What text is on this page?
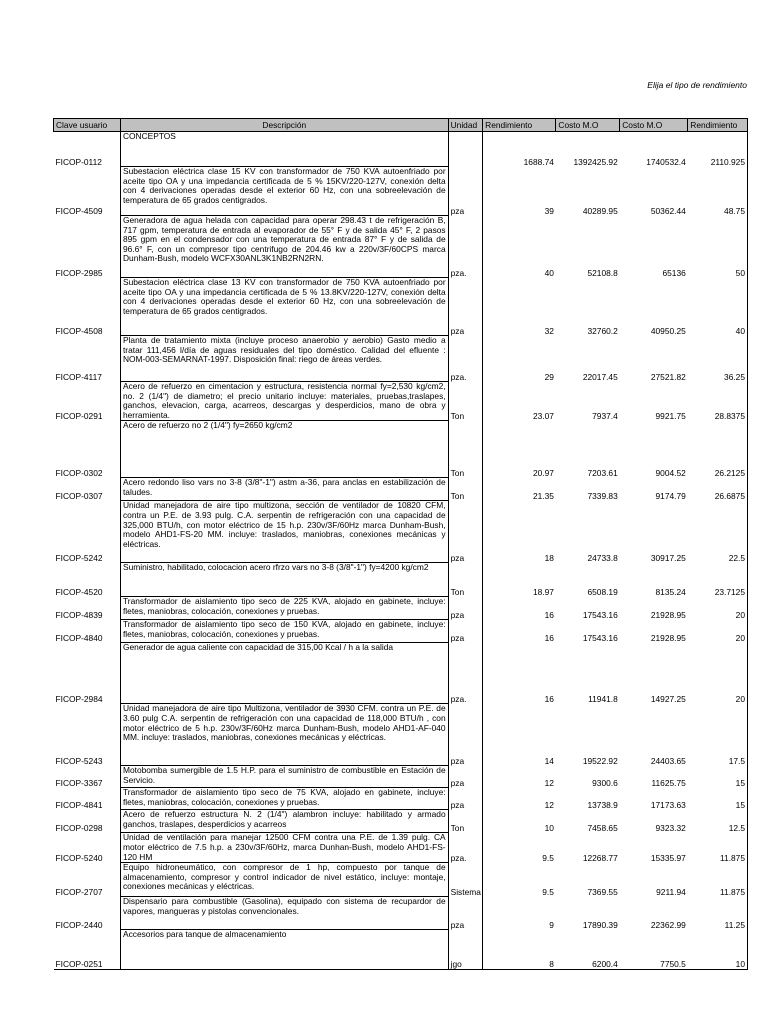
Elija el tipo de rendimiento
Clave usuario	Descripción	Unidad	Rendimiento	Costo M.O	Costo M.O	Rendimiento
FICOP-0112	CONCEPTOS		1688.74	1392425.92	1740532.4	2110.925
FICOP-4509	Subestacion eléctrica clase 15 KV con transformador de 750 KVA autoenfriado por aceite tipo OA y una impedancia certificada de 5 % 15KV/220-127V, conexión delta con 4 derivaciones operadas desde el exterior 60 Hz, con una sobreelevación de temperatura de 65 grados centigrados.	pza	39	40289.95	50362.44	48.75
FICOP-2985	Generadora de agua helada con capacidad para operar 298.43 t de refrigeración B, 717 gpm, temperatura de entrada al evaporador de 55° F y de salida 45° F, 2 pasos 895 gpm en el condensador con una temperatura de entrada 87° F y de salida de 96.6° F, con un compresor tipo centrifugo de 204.46 kw a 220v/3F/60CPS marca Dunham-Bush, modelo WCFX30ANL3K1NB2RN2RN.	pza.	40	52108.8	65136	50
FICOP-4508	Subestacion eléctrica clase 13 KV con transformador de 750 KVA autoenfriado por aceite tipo OA y una impedancia certificada de 5 % 13.8KV/220-127V, conexión delta con 4 derivaciones operadas desde el exterior 60 Hz, con una sobreelevación de temperatura de 65 grados centigrados.	pza	32	32760.2	40950.25	40
FICOP-4117	Planta de tratamiento mixta (incluye proceso anaerobio y aerobio) Gasto medio a tratar 111,456 l/día de aguas residuales del tipo doméstico. Calidad del efluente : NOM-003-SEMARNAT-1997. Disposición final: riego de áreas verdes.	pza.	29	22017.45	27521.82	36.25
FICOP-0291	Acero de refuerzo en cimentacion y estructura, resistencia normal fy=2,530 kg/cm2, no. 2 (1/4") de diametro; el precio unitario incluye: materiales, pruebas,traslapes, ganchos, elevacion, carga, acarreos, descargas y desperdicios, mano de obra y herramienta.	Ton	23.07	7937.4	9921.75	28.8375
FICOP-0302	Acero de refuerzo no 2 (1/4") fy=2650 kg/cm2	Ton	20.97	7203.61	9004.52	26.2125
FICOP-0307	Acero redondo liso vars no 3-8 (3/8"-1") astm a-36, para anclas en estabilización de taludes.	Ton	21.35	7339.83	9174.79	26.6875
FICOP-5242	Unidad manejadora de aire tipo multizona, sección de ventilador de 10820 CFM, contra un P.E. de 3.93 pulg. C.A. serpentin de refrigeración con una capacidad de 325,000 BTU/h, con motor eléctrico de 15 h.p. 230v/3F/60Hz marca Dunham-Bush, modelo AHD1-FS-20 MM. incluye: traslados, maniobras, conexiones mecánicas y eléctricas.	pza	18	24733.8	30917.25	22.5
FICOP-4520	Suministro, habilitado, colocacion acero rfrzo vars no 3-8 (3/8"-1") fy=4200 kg/cm2	Ton	18.97	6508.19	8135.24	23.7125
FICOP-4839	Transformador de aislamiento tipo seco de 225 KVA, alojado en gabinete, incluye: fletes, maniobras, colocación, conexiones y pruebas.	pza	16	17543.16	21928.95	20
FICOP-4840	Transformador de aislamiento tipo seco de 150 KVA, alojado en gabinete, incluye: fletes, maniobras, colocación, conexiones y pruebas.	pza	16	17543.16	21928.95	20
FICOP-2984	Generador de agua caliente con capacidad de 315,00 Kcal / h a la salida	pza.	16	11941.8	14927.25	20
FICOP-5243	Unidad manejadora de aire tipo Multizona, ventilador de 3930 CFM. contra un P.E. de 3.60 pulg C.A. serpentin de refrigeración con una capacidad de 118,000 BTU/h , con motor eléctrico de 5 h.p. 230v/3F/60Hz marca Dunham-Bush, modelo AHD1-AF-040 MM. incluye: traslados, maniobras, conexiones mecánicas y eléctricas.	pza	14	19522.92	24403.65	17.5
FICOP-3367	Motobomba sumergible de 1.5 H.P. para el suministro de combustible en Estación de Servicio.	pza	12	9300.6	11625.75	15
FICOP-4841	Transformador de aislamiento tipo seco de 75 KVA, alojado en gabinete, incluye: fletes, maniobras, colocación, conexiones y pruebas.	pza	12	13738.9	17173.63	15
FICOP-0298	Acero de refuerzo estructura N. 2 (1/4") alambron incluye: habilitado y armado ganchos, traslapes, desperdicios y acarreos	Ton	10	7458.65	9323.32	12.5
FICOP-5240	Unidad de ventilación para manejar 12500 CFM contra una P.E. de 1.39 pulg. CA motor eléctrico de 7.5 h.p. a 230v/3F/60Hz, marca Dunhan-Bush, modelo AHD1-FS-120 HM	pza.	9.5	12268.77	15335.97	11.875
FICOP-2707	Equipo hidroneumático, con compresor de 1 hp, compuesto por tanque de almacenamiento, compresor y control indicador de nivel estático, incluye: montaje, conexiones mecánicas y eléctricas.	Sistema	9.5	7369.55	9211.94	11.875
FICOP-2440	Dispensario para combustible (Gasolina), equipado con sistema de recupardor de vapores, mangueras y pistolas convencionales.	pza	9	17890.39	22362.99	11.25
FICOP-0251	Accesorios para tanque de almacenamiento	jgo	8	6200.4	7750.5	10
